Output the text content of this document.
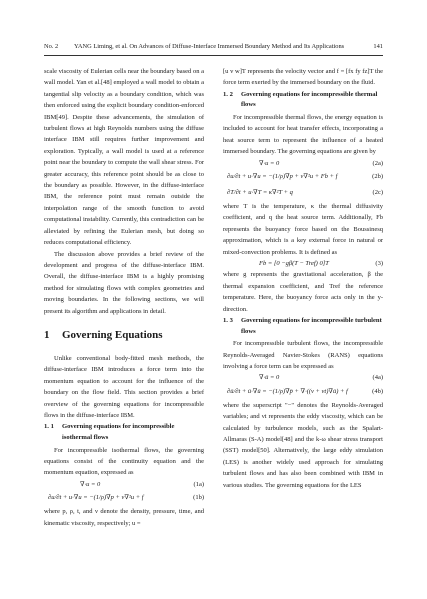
No. 2 YANG Liming, et al. On Advances of Diffuse-Interface Immersed Boundary Method and Its Applications	141

scale viscosity of Eulerian cells near the boundary based on a wall model. Yan et al.[48] employed a wall model to obtain a tangential slip velocity as a boundary condition, which was then enforced using the explicit boundary condition-enforced IBM[49]. Despite these advancements, the simulation of turbulent flows at high Reynolds numbers using the diffuse interface IBM still requires further improvement and exploration. Typically, a wall model is used at a reference point near the boundary to compute the wall shear stress. For greater accuracy, this reference point should be as close to the boundary as possible. However, in the diffuse-interface IBM, the reference point must remain outside the interpolation range of the smooth function to avoid computational instability. Currently, this contradiction can be alleviated by refining the Eulerian mesh, but doing so reduces computational efficiency.

The discussion above provides a brief review of the development and progress of the diffuse-interface IBM. Overall, the diffuse-interface IBM is a highly promising method for simulating flows with complex geometries and moving boundaries. In the following sections, we will present its algorithm and applications in detail.

1 Governing Equations

Unlike conventional body-fitted mesh methods, the diffuse-interface IBM introduces a force term into the momentum equation to account for the influence of the boundary on the flow field. This section provides a brief overview of the governing equations for incompressible flows in the diffuse-interface IBM.

1. 1 Governing equations for incompressible isothermal flows

For incompressible isothermal flows, the governing equations consist of the continuity equation and the momentum equation, expressed as

∇·u = 0	(1a)
∂u/∂t + u·∇u = −(1/ρ)∇p + ν∇²u + f	(1b)

where p, ρ, t, and ν denote the density, pressure, time, and kinematic viscosity, respectively; u =

[u v w]T represents the velocity vector and f = [fx fy fz]T the force term exerted by the immersed boundary on the fluid.

1. 2 Governing equations for incompressible thermal flows

For incompressible thermal flows, the energy equation is included to account for heat transfer effects, incorporating a heat source term to represent the influence of a heated immersed boundary. The governing equations are given by

∇·u = 0	(2a)
∂u/∂t + u·∇u = −(1/ρ)∇p + ν∇²u + Fb + f	(2b)
∂T/∂t + u·∇T = κ∇²T + q	(2c)

where T is the temperature, κ the thermal diffusivity coefficient, and q the heat source term. Additionally, Fb represents the buoyancy force based on the Boussinesq approximation, which is a key external force in natural or mixed-convection problems. It is defined as

Fb = [0 −gβ(T − Tref) 0]T	(3)

where g represents the gravitational acceleration, β the thermal expansion coefficient, and Tref the reference temperature. Here, the buoyancy force acts only in the y-direction.

1. 3 Governing equations for incompressible turbulent flows

For incompressible turbulent flows, the incompressible Reynolds-Averaged Navier-Stokes (RANS) equations involving a force term can be expressed as

∇·ū = 0	(4a)
∂ū/∂t + ū·∇ū = −(1/ρ)∇p̄ + ∇·((ν + νt)∇ū) + f	(4b)

where the superscript "−" denotes the Reynolds-Averaged variables; and νt represents the eddy viscosity, which can be calculated by turbulence models, such as the Spalart-Allmaras (S-A) model[48] and the k-ω shear stress transport (SST) model[50]. Alternatively, the large eddy simulation (LES) is another widely used approach for simulating turbulent flows and has also been combined with IBM in various studies. The governing equations for the LES
